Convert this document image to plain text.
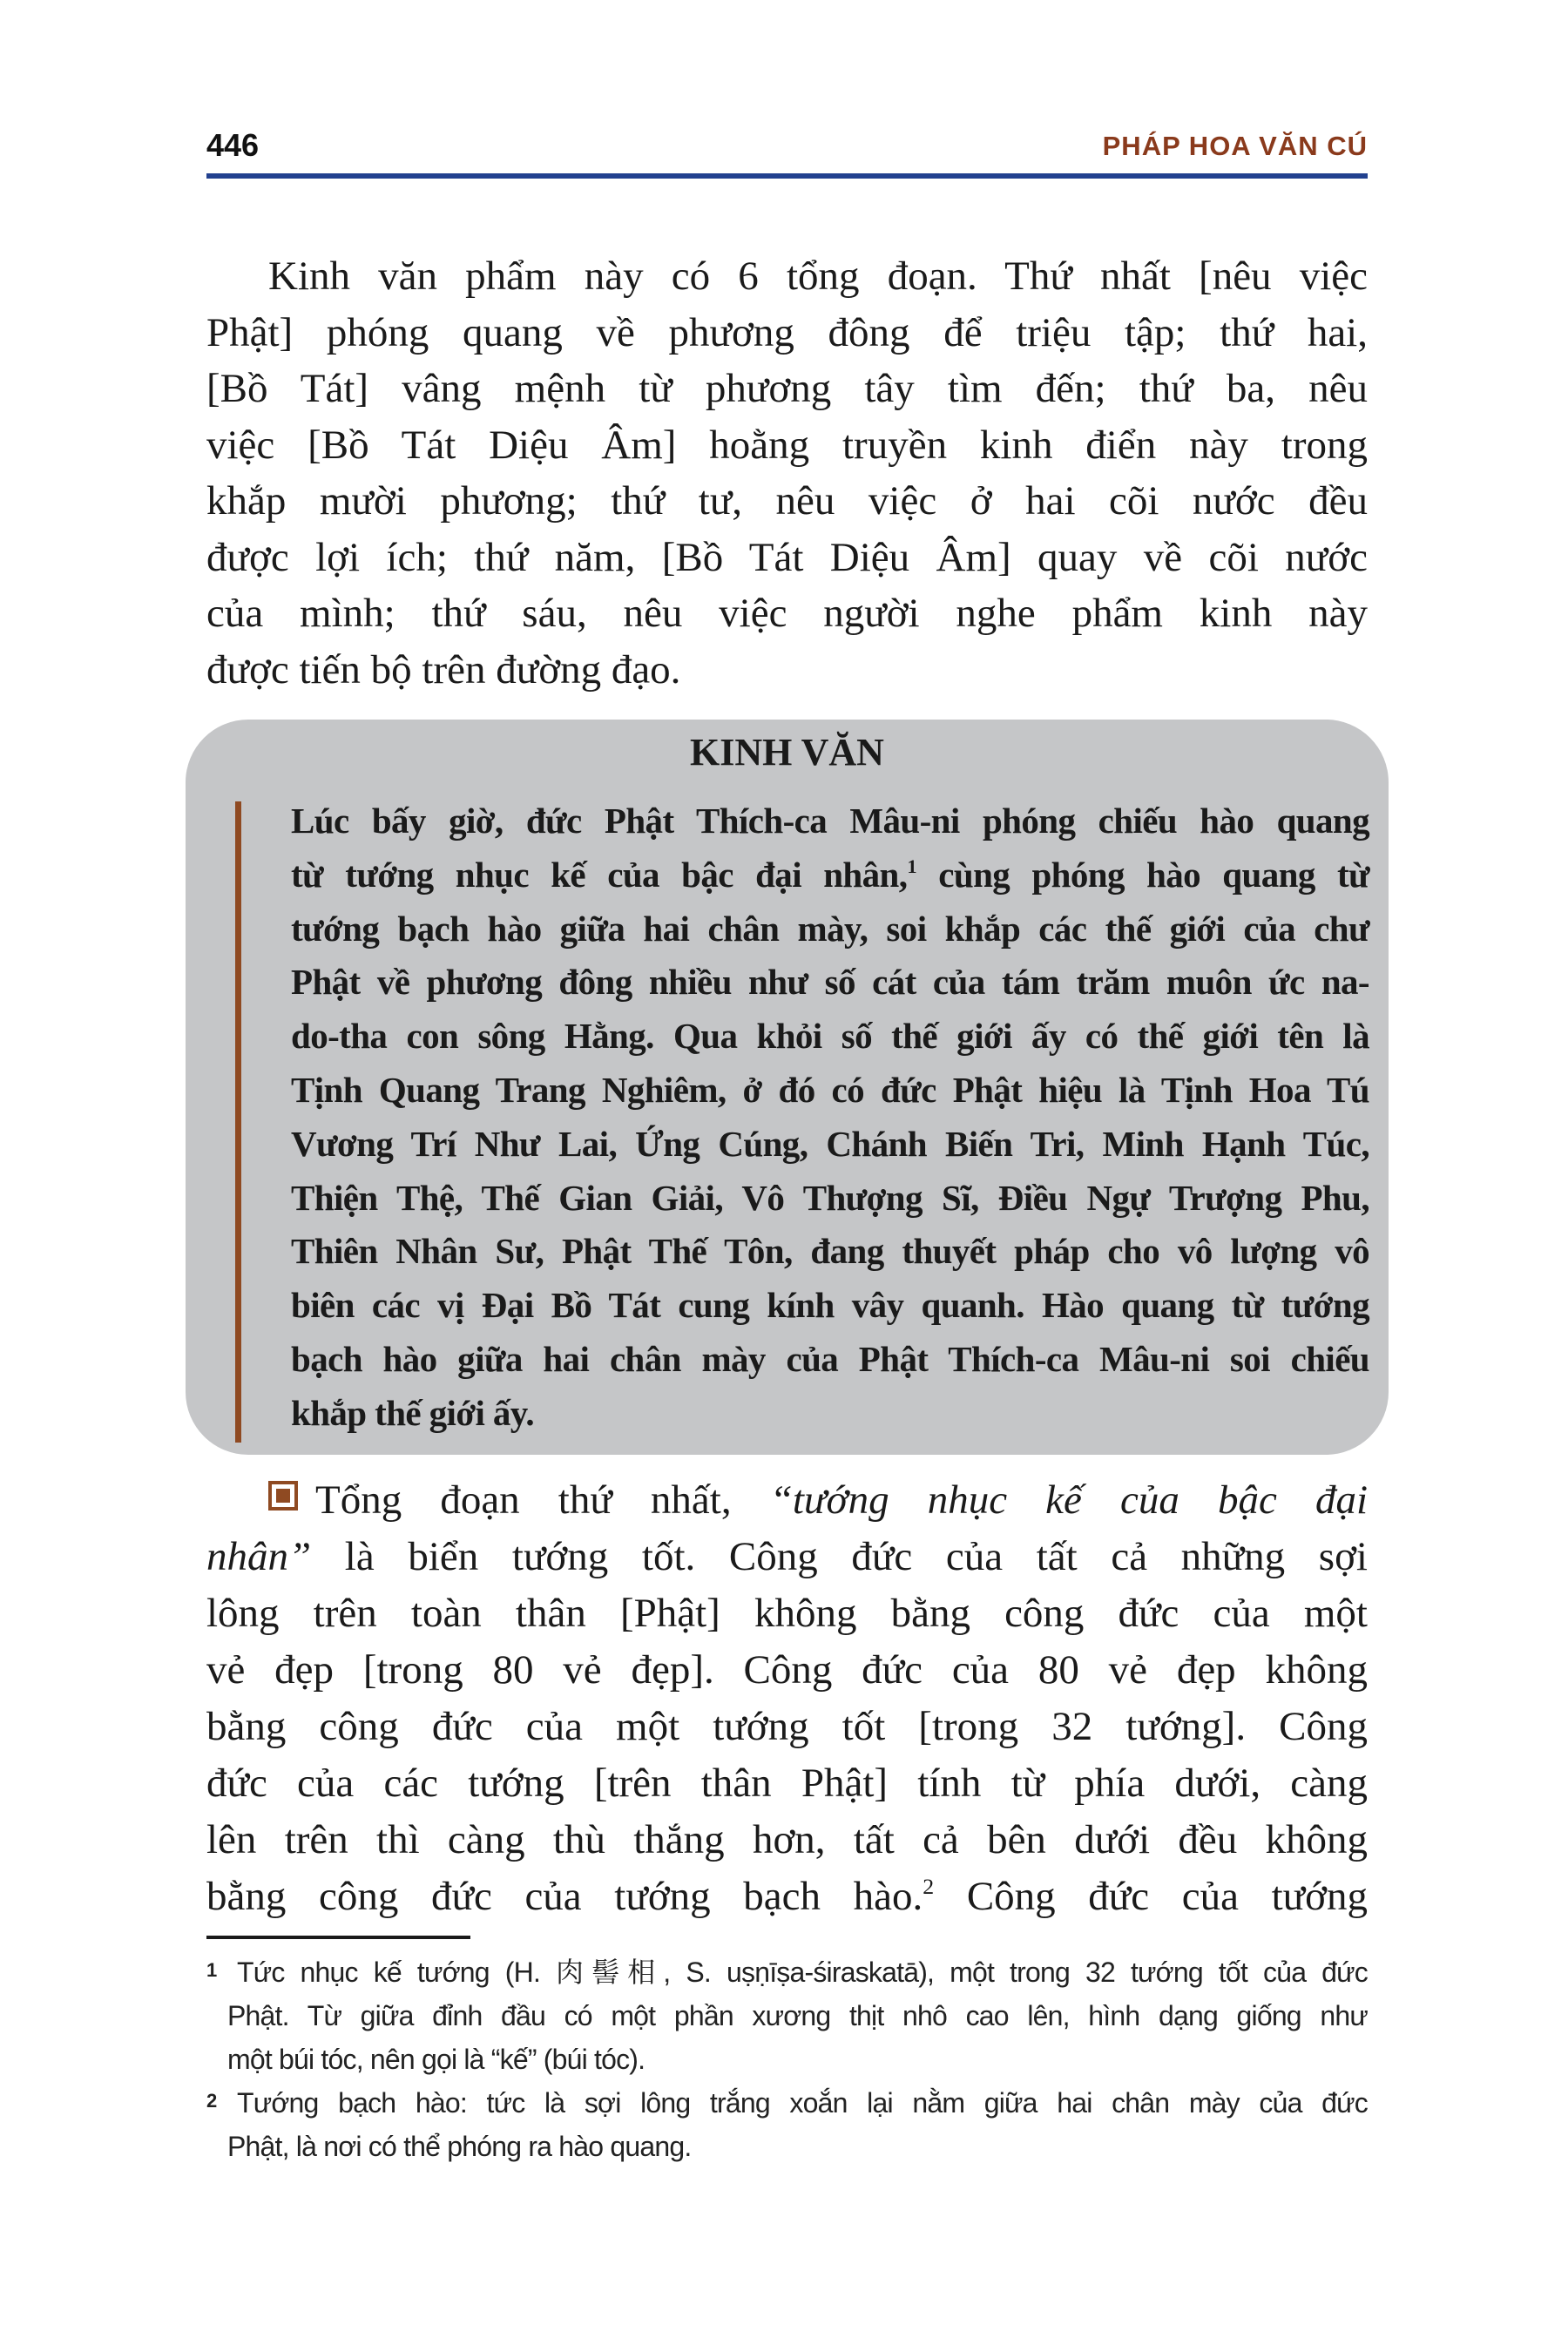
446	PHÁP HOA VĂN CÚ
Kinh văn phẩm này có 6 tổng đoạn. Thứ nhất [nêu việc
Phật] phóng quang về phương đông để triệu tập; thứ hai,
[Bồ Tát] vâng mệnh từ phương tây tìm đến; thứ ba, nêu
việc [Bồ Tát Diệu Âm] hoằng truyền kinh điển này trong
khắp mười phương; thứ tư, nêu việc ở hai cõi nước đều
được lợi ích; thứ năm, [Bồ Tát Diệu Âm] quay về cõi nước
của mình; thứ sáu, nêu việc người nghe phẩm kinh này
được tiến bộ trên đường đạo.
KINH VĂN
Lúc bấy giờ, đức Phật Thích-ca Mâu-ni phóng chiếu hào quang
từ tướng nhục kế của bậc đại nhân,$^1$ cùng phóng hào quang từ
tướng bạch hào giữa hai chân mày, soi khắp các thế giới của chư
Phật về phương đông nhiều như số cát của tám trăm muôn ức na-
do-tha con sông Hằng. Qua khỏi số thế giới ấy có thế giới tên là
Tịnh Quang Trang Nghiêm, ở đó có đức Phật hiệu là Tịnh Hoa Tú
Vương Trí Như Lai, Ứng Cúng, Chánh Biến Tri, Minh Hạnh Túc,
Thiện Thệ, Thế Gian Giải, Vô Thượng Sĩ, Điều Ngự Trượng Phu,
Thiên Nhân Sư, Phật Thế Tôn, đang thuyết pháp cho vô lượng vô
biên các vị Đại Bồ Tát cung kính vây quanh. Hào quang từ tướng
bạch hào giữa hai chân mày của Phật Thích-ca Mâu-ni soi chiếu
khắp thế giới ấy.
Tổng đoạn thứ nhất, “tướng nhục kế của bậc đại
nhân” là biển tướng tốt. Công đức của tất cả những sợi
lông trên toàn thân [Phật] không bằng công đức của một
vẻ đẹp [trong 80 vẻ đẹp]. Công đức của 80 vẻ đẹp không
bằng công đức của một tướng tốt [trong 32 tướng]. Công
đức của các tướng [trên thân Phật] tính từ phía dưới, càng
lên trên thì càng thù thắng hơn, tất cả bên dưới đều không
bằng công đức của tướng bạch hào.$^2$ Công đức của tướng
1 Tức nhục kế tướng (H. 肉髻相, S. uṣṇīṣa-śiraskatā), một trong 32 tướng tốt của đức
Phật. Từ giữa đỉnh đầu có một phần xương thịt nhô cao lên, hình dạng giống như
một búi tóc, nên gọi là “kế” (búi tóc).
2 Tướng bạch hào: tức là sợi lông trắng xoắn lại nằm giữa hai chân mày của đức
Phật, là nơi có thể phóng ra hào quang.
